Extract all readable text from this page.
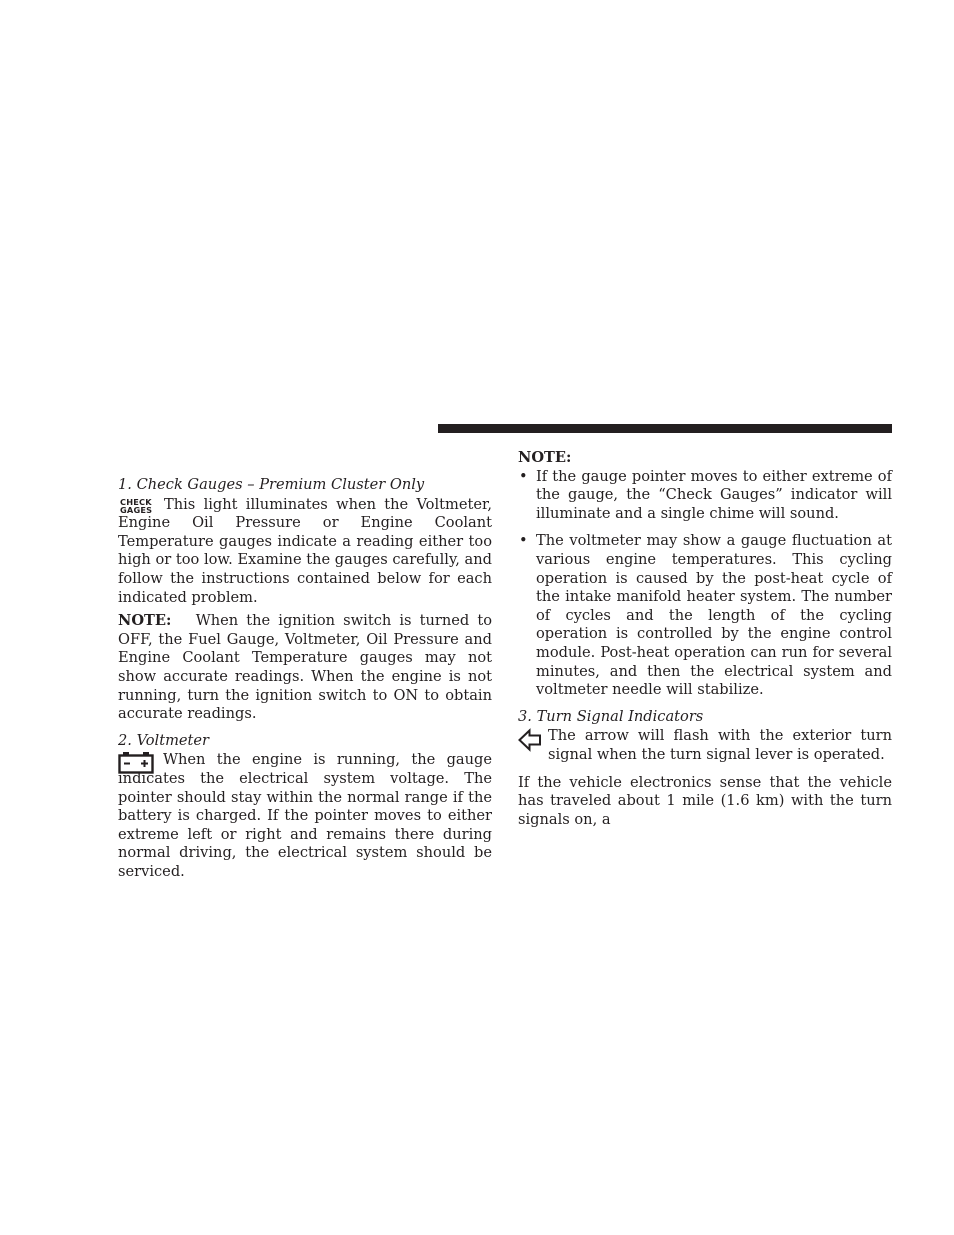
1. Check Gauges – Premium Cluster Only
CHECK
GAGES This light illuminates when the Voltmeter, Engine Oil Pressure or Engine Coolant Temperature gauges indicate a reading either too high or too low. Examine the gauges carefully, and follow the instructions contained below for each indicated problem.

NOTE: When the ignition switch is turned to OFF, the Fuel Gauge, Voltmeter, Oil Pressure and Engine Coolant Temperature gauges may not show accurate readings. When the engine is not running, turn the ignition switch to ON to obtain accurate readings.

2. Voltmeter

When the engine is running, the gauge indicates the electrical system voltage. The pointer should stay within the normal range if the battery is charged. If the pointer moves to either extreme left or right and remains there during normal driving, the electrical system should be serviced.

NOTE:
• If the gauge pointer moves to either extreme of the gauge, the “Check Gauges” indicator will illuminate and a single chime will sound.
• The voltmeter may show a gauge fluctuation at various engine temperatures. This cycling operation is caused by the post-heat cycle of the intake manifold heater system. The number of cycles and the length of the cycling operation is controlled by the engine control module. Post-heat operation can run for several minutes, and then the electrical system and voltmeter needle will stabilize.
3. Turn Signal Indicators

The arrow will flash with the exterior turn signal when the turn signal lever is operated.

If the vehicle electronics sense that the vehicle has traveled about 1 mile (1.6 km) with the turn signals on, a
